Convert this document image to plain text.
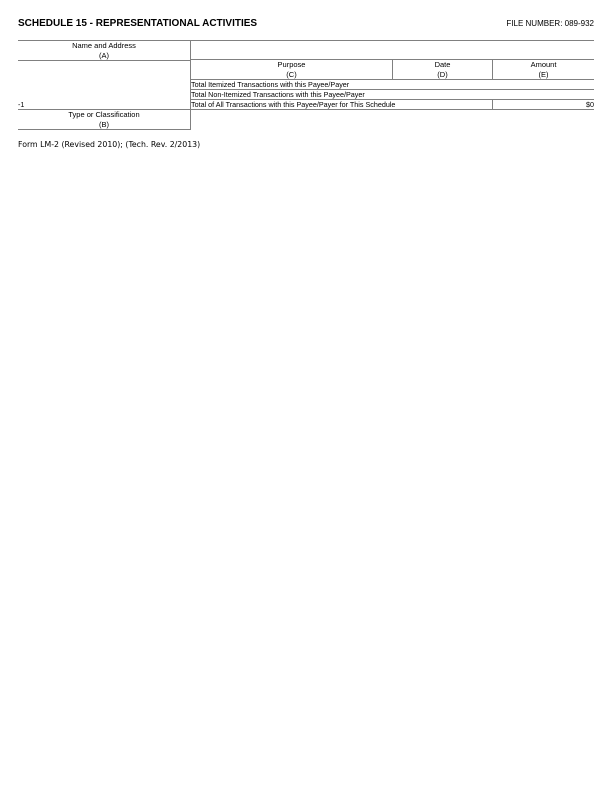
SCHEDULE 15 - REPRESENTATIONAL ACTIVITIES	FILE NUMBER: 089-932
Name and Address
(A)
Type or Classification
(B)
Purpose
(C)
Date
(D)
Amount
(E)
-1
Total Itemized Transactions with this Payee/Payer
Total Non-Itemized Transactions with this Payee/Payer
Total of All Transactions with this Payee/Payer for This Schedule	$0
Form LM-2 (Revised 2010); (Tech. Rev. 2/2013)
